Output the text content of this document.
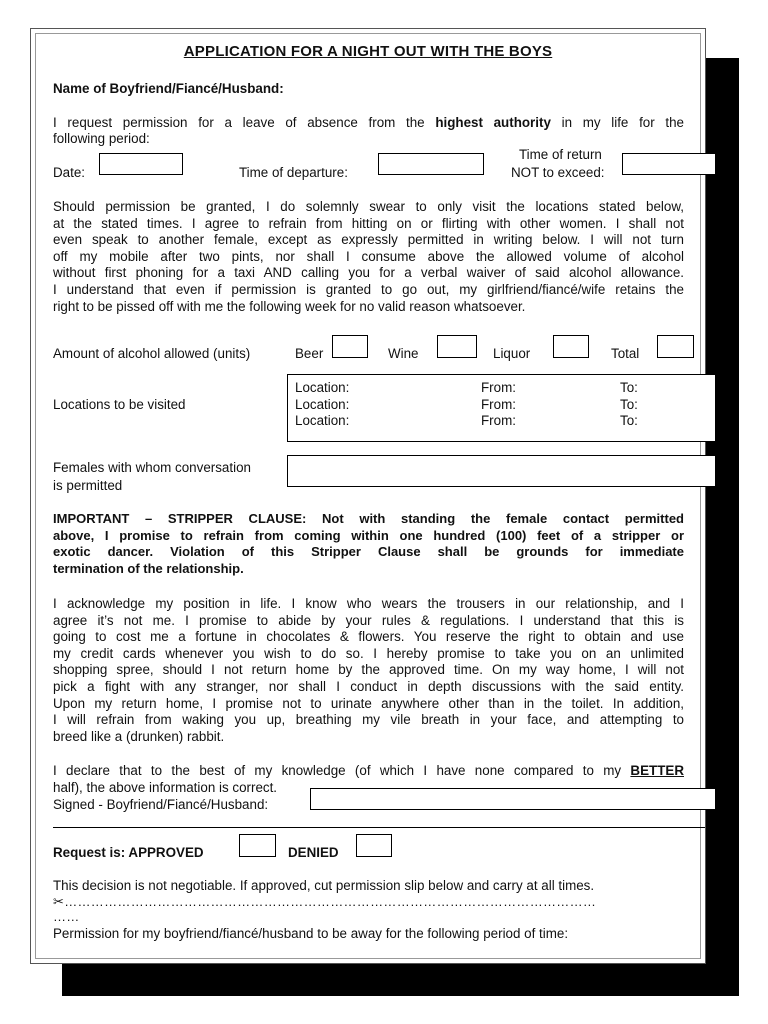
APPLICATION FOR A NIGHT OUT WITH THE BOYS
Name of Boyfriend/Fiancé/Husband:
I request permission for a leave of absence from the highest authority in my life for the
following period:
Date:	Time of departure:
Time of return
NOT to exceed:
Should permission be granted, I do solemnly swear to only visit the locations stated below,
at the stated times. I agree to refrain from hitting on or flirting with other women. I shall not
even speak to another female, except as expressly permitted in writing below. I will not turn
off my mobile after two pints, nor shall I consume above the allowed volume of alcohol
without first phoning for a taxi AND calling you for a verbal waiver of said alcohol allowance.
I understand that even if permission is granted to go out, my girlfriend/fiancé/wife retains the
right to be pissed off with me the following week for no valid reason whatsoever.
Amount of alcohol allowed (units)	Beer	Wine	Liquor	Total
Locations to be visited
Location:	From:	To:
Location:	From:	To:
Location:	From:	To:
Females with whom conversation
is permitted
IMPORTANT – STRIPPER CLAUSE: Not with standing the female contact permitted
above, I promise to refrain from coming within one hundred (100) feet of a stripper or
exotic dancer. Violation of this Stripper Clause shall be grounds for immediate
termination of the relationship.
I acknowledge my position in life. I know who wears the trousers in our relationship, and I
agree it’s not me. I promise to abide by your rules & regulations. I understand that this is
going to cost me a fortune in chocolates & flowers. You reserve the right to obtain and use
my credit cards whenever you wish to do so. I hereby promise to take you on an unlimited
shopping spree, should I not return home by the approved time. On my way home, I will not
pick a fight with any stranger, nor shall I conduct in depth discussions with the said entity.
Upon my return home, I promise not to urinate anywhere other than in the toilet. In addition,
I will refrain from waking you up, breathing my vile breath in your face, and attempting to
breed like a (drunken) rabbit.
I declare that to the best of my knowledge (of which I have none compared to my BETTER
half), the above information is correct.
Signed - Boyfriend/Fiancé/Husband:
Request is: APPROVED	DENIED
This decision is not negotiable. If approved, cut permission slip below and carry at all times.
✂…………………………………………………………………………………………………………
……
Permission for my boyfriend/fiancé/husband to be away for the following period of time:
